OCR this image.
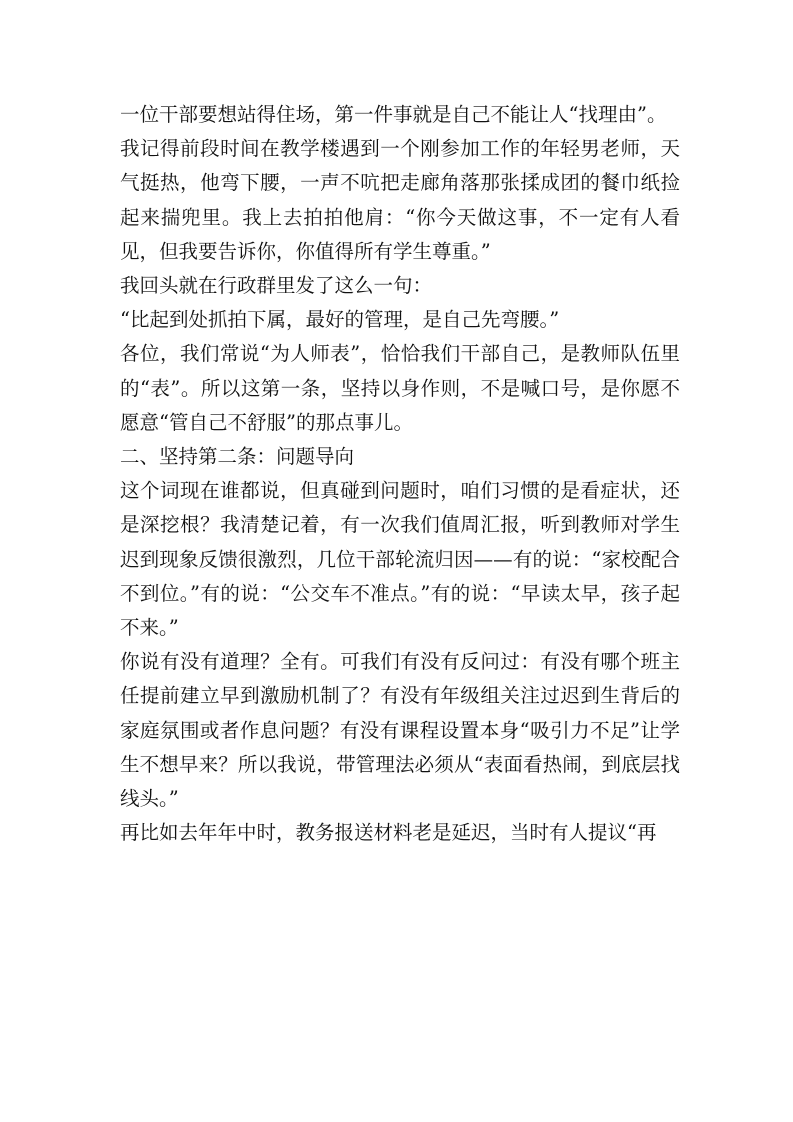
一位干部要想站得住场，第一件事就是自己不能让人“找理由”。

我记得前段时间在教学楼遇到一个刚参加工作的年轻男老师，天气挺热，他弯下腰，一声不吭把走廊角落那张揉成团的餐巾纸捡起来揣兜里。我上去拍拍他肩：“你今天做这事，不一定有人看见，但我要告诉你，你值得所有学生尊重。”

我回头就在行政群里发了这么一句：

“比起到处抓拍下属，最好的管理，是自己先弯腰。”

各位，我们常说“为人师表”，恰恰我们干部自己，是教师队伍里的“表”。所以这第一条，坚持以身作则，不是喊口号，是你愿不愿意“管自己不舒服”的那点事儿。

二、坚持第二条：问题导向

这个词现在谁都说，但真碰到问题时，咱们习惯的是看症状，还是深挖根？我清楚记着，有一次我们值周汇报，听到教师对学生迟到现象反馈很激烈，几位干部轮流归因——有的说：“家校配合不到位。”有的说：“公交车不准点。”有的说：“早读太早，孩子起不来。”

你说有没有道理？全有。可我们有没有反问过：有没有哪个班主任提前建立早到激励机制了？有没有年级组关注过迟到生背后的家庭氛围或者作息问题？有没有课程设置本身“吸引力不足”让学生不想早来？所以我说，带管理法必须从“表面看热闹，到底层找线头。”

再比如去年年中时，教务报送材料老是延迟，当时有人提议“再
